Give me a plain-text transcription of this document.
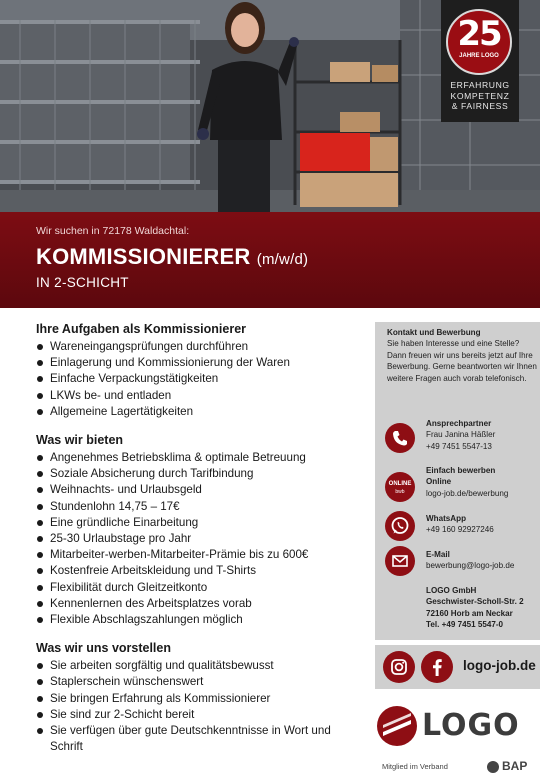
25
JAHRE LOGO
ERFAHRUNG
KOMPETENZ
& FAIRNESS
Wir suchen in 72178 Waldachtal:
KOMMISSIONIERER (m/w/d)
IN 2-SCHICHT
Ihre Aufgaben als Kommissionierer
Wareneingangsprüfungen durchführen
Einlagerung und Kommissionierung der Waren
Einfache Verpackungstätigkeiten
LKWs be- und entladen
Allgemeine Lagertätigkeiten
Was wir bieten
Angenehmes Betriebsklima & optimale Betreuung
Soziale Absicherung durch Tarifbindung
Weihnachts- und Urlaubsgeld
Stundenlohn 14,75 – 17€
Eine gründliche Einarbeitung
25-30 Urlaubstage pro Jahr
Mitarbeiter-werben-Mitarbeiter-Prämie bis zu 600€
Kostenfreie Arbeitskleidung und T-Shirts
Flexibilität durch Gleitzeitkonto
Kennenlernen des Arbeitsplatzes vorab
Flexible Abschlagszahlungen möglich
Was wir uns vorstellen
Sie arbeiten sorgfältig und qualitätsbewusst
Staplerschein wünschenswert
Sie bringen Erfahrung als Kommissionierer
Sie sind zur 2-Schicht bereit
Sie verfügen über gute Deutschkenntnisse in Wort und Schrift
Kontakt und Bewerbung
Sie haben Interesse und eine Stelle? Dann freuen wir uns bereits jetzt auf Ihre Bewerbung. Gerne beantworten wir Ihnen weitere Fragen auch vorab telefonisch.
Ansprechpartner
Frau Janina Häßler
+49 7451 5547-13
ONLINE
bwb
Einfach bewerben
Online
logo-job.de/bewerbung
WhatsApp
+49 160 92927246
E-Mail
bewerbung@logo-job.de
LOGO GmbH
Geschwister-Scholl-Str. 2
72160 Horb am Neckar
Tel. +49 7451 5547-0
logo-job.de
LOGO
Mitglied im Verband	BAP
